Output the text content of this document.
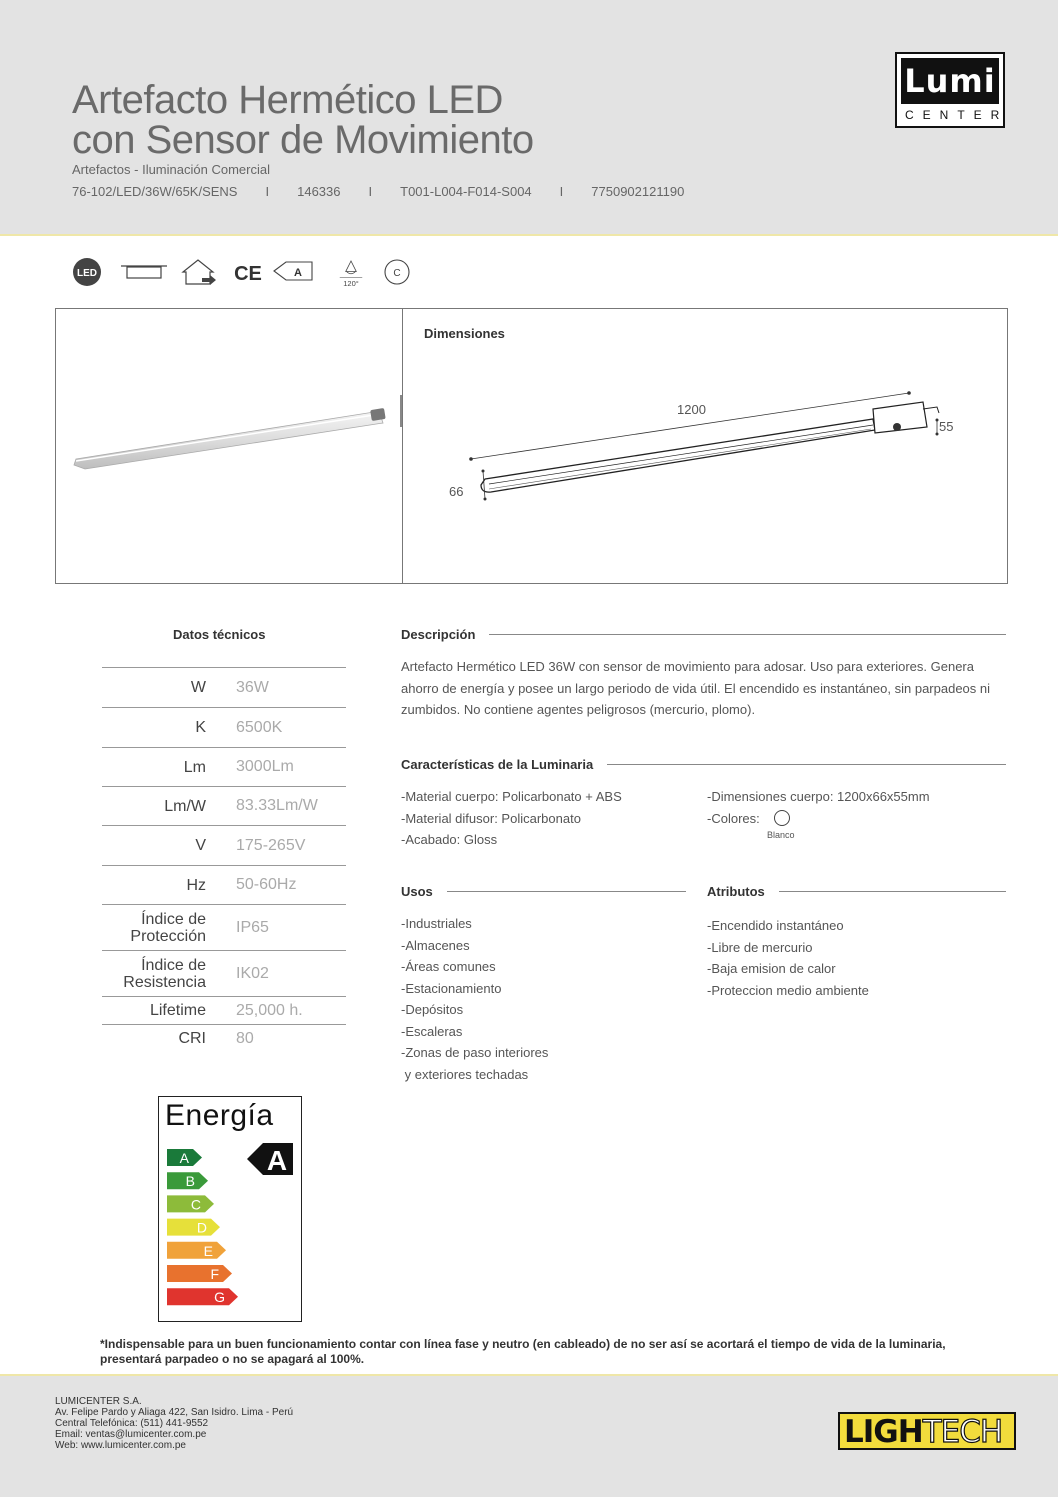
Artefacto Hermético LED
con Sensor de Movimiento
Artefactos - Iluminación Comercial
76-102/LED/36W/65K/SENS I 146336 I T001-L004-F014-S004 I 7750902121190
Lumi
CENTER
LED	CE	A
120°
C
Dimensiones
1200
55
66
Datos técnicos
W 36W
K 6500K
Lm 3000Lm
Lm/W 83.33Lm/W
V 175-265V
Hz 50-60Hz
Índice de
Protección
IP65
Índice de
Resistencia
IK02
Lifetime 25,000 h.
CRI 80
Descripción
Artefacto Hermético LED 36W con sensor de movimiento para adosar. Uso para exteriores. Genera ahorro de energía y posee un largo periodo de vida útil. El encendido es instantáneo, sin parpadeos ni zumbidos. No contiene agentes peligrosos (mercurio, plomo).
Características de la Luminaria
-Material cuerpo: Policarbonato + ABS
-Material difusor: Policarbonato
-Acabado: Gloss
-Dimensiones cuerpo: 1200x66x55mm
-Colores:
Blanco
Usos
-Industriales
-Almacenes
-Áreas comunes
-Estacionamiento
-Depósitos
-Escaleras
-Zonas de paso interiores
y exteriores techadas
Atributos
-Encendido instantáneo
-Libre de mercurio
-Baja emision de calor
-Proteccion medio ambiente
Energía
A
B
C
D
E
F
G
A
*Indispensable para un buen funcionamiento contar con línea fase y neutro (en cableado) de no ser así se acortará el tiempo de vida de la luminaria, presentará parpadeo o no se apagará al 100%.
LUMICENTER S.A.
Av. Felipe Pardo y Aliaga 422, San Isidro. Lima - Perú
Central Telefónica: (511) 441-9552
Email: ventas@lumicenter.com.pe
Web: www.lumicenter.com.pe	LIGHTECH
